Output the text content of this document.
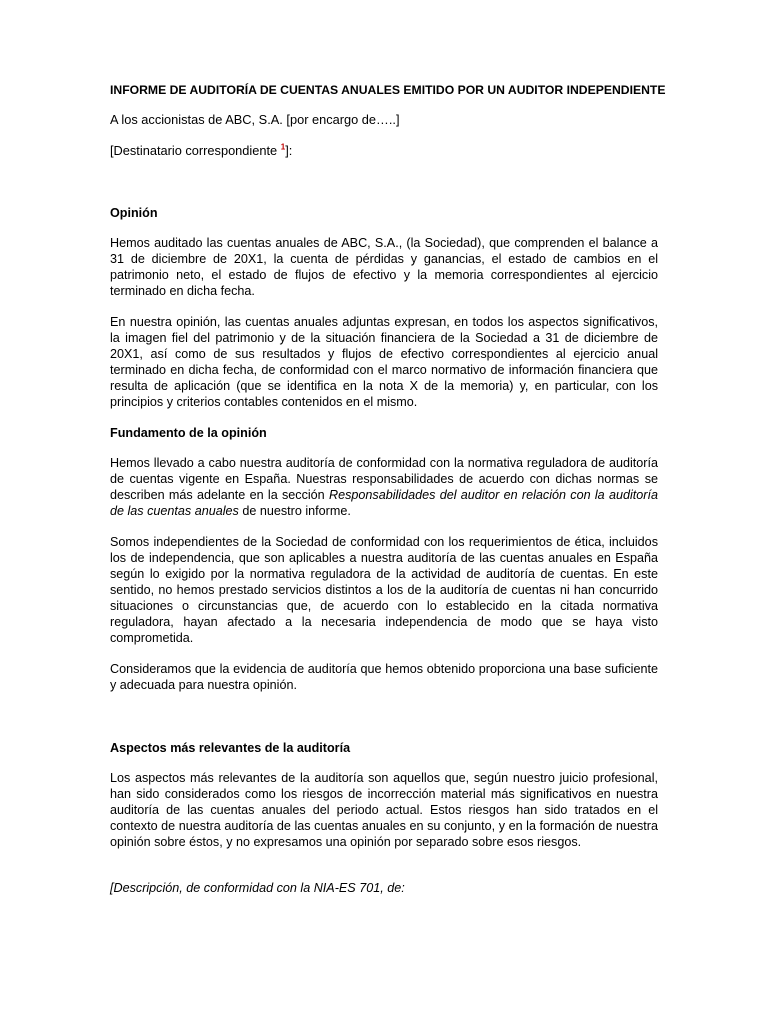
INFORME DE AUDITORÍA DE CUENTAS ANUALES EMITIDO POR UN AUDITOR INDEPENDIENTE
A los accionistas de ABC, S.A. [por encargo de…..]
[Destinatario correspondiente $^1$]:
Opinión
Hemos auditado las cuentas anuales de ABC, S.A., (la Sociedad), que comprenden el balance a 31 de diciembre de 20X1, la cuenta de pérdidas y ganancias, el estado de cambios en el patrimonio neto, el estado de flujos de efectivo y la memoria correspondientes al ejercicio terminado en dicha fecha.
En nuestra opinión, las cuentas anuales adjuntas expresan, en todos los aspectos significativos, la imagen fiel del patrimonio y de la situación financiera de la Sociedad a 31 de diciembre de 20X1, así como de sus resultados y flujos de efectivo correspondientes al ejercicio anual terminado en dicha fecha, de conformidad con el marco normativo de información financiera que resulta de aplicación (que se identifica en la nota X de la memoria) y, en particular, con los principios y criterios contables contenidos en el mismo.
Fundamento de la opinión
Hemos llevado a cabo nuestra auditoría de conformidad con la normativa reguladora de auditoría de cuentas vigente en España. Nuestras responsabilidades de acuerdo con dichas normas se describen más adelante en la sección Responsabilidades del auditor en relación con la auditoría de las cuentas anuales de nuestro informe.
Somos independientes de la Sociedad de conformidad con los requerimientos de ética, incluidos los de independencia, que son aplicables a nuestra auditoría de las cuentas anuales en España según lo exigido por la normativa reguladora de la actividad de auditoría de cuentas. En este sentido, no hemos prestado servicios distintos a los de la auditoría de cuentas ni han concurrido situaciones o circunstancias que, de acuerdo con lo establecido en la citada normativa reguladora, hayan afectado a la necesaria independencia de modo que se haya visto comprometida.
Consideramos que la evidencia de auditoría que hemos obtenido proporciona una base suficiente y adecuada para nuestra opinión.
Aspectos más relevantes de la auditoría
Los aspectos más relevantes de la auditoría son aquellos que, según nuestro juicio profesional, han sido considerados como los riesgos de incorrección material más significativos en nuestra auditoría de las cuentas anuales del periodo actual. Estos riesgos han sido tratados en el contexto de nuestra auditoría de las cuentas anuales en su conjunto, y en la formación de nuestra opinión sobre éstos, y no expresamos una opinión por separado sobre esos riesgos.
[Descripción, de conformidad con la NIA-ES 701, de:
